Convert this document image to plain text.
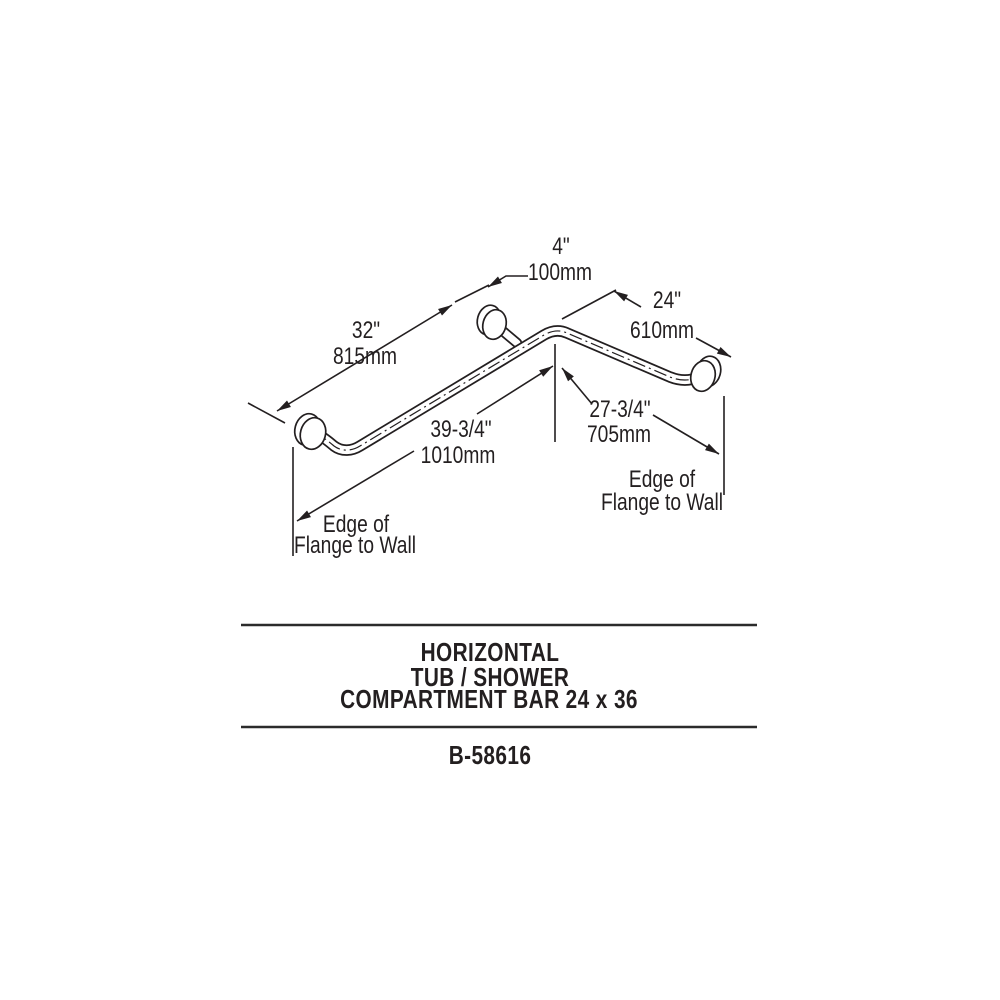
4"
100mm
24"
610mm
32"
815mm
39-3/4"
1010mm
27-3/4"
705mm
Edge of
Flange to Wall
Edge of
Flange to Wall
HORIZONTAL
TUB / SHOWER
COMPARTMENT BAR 24 x 36
B-58616
